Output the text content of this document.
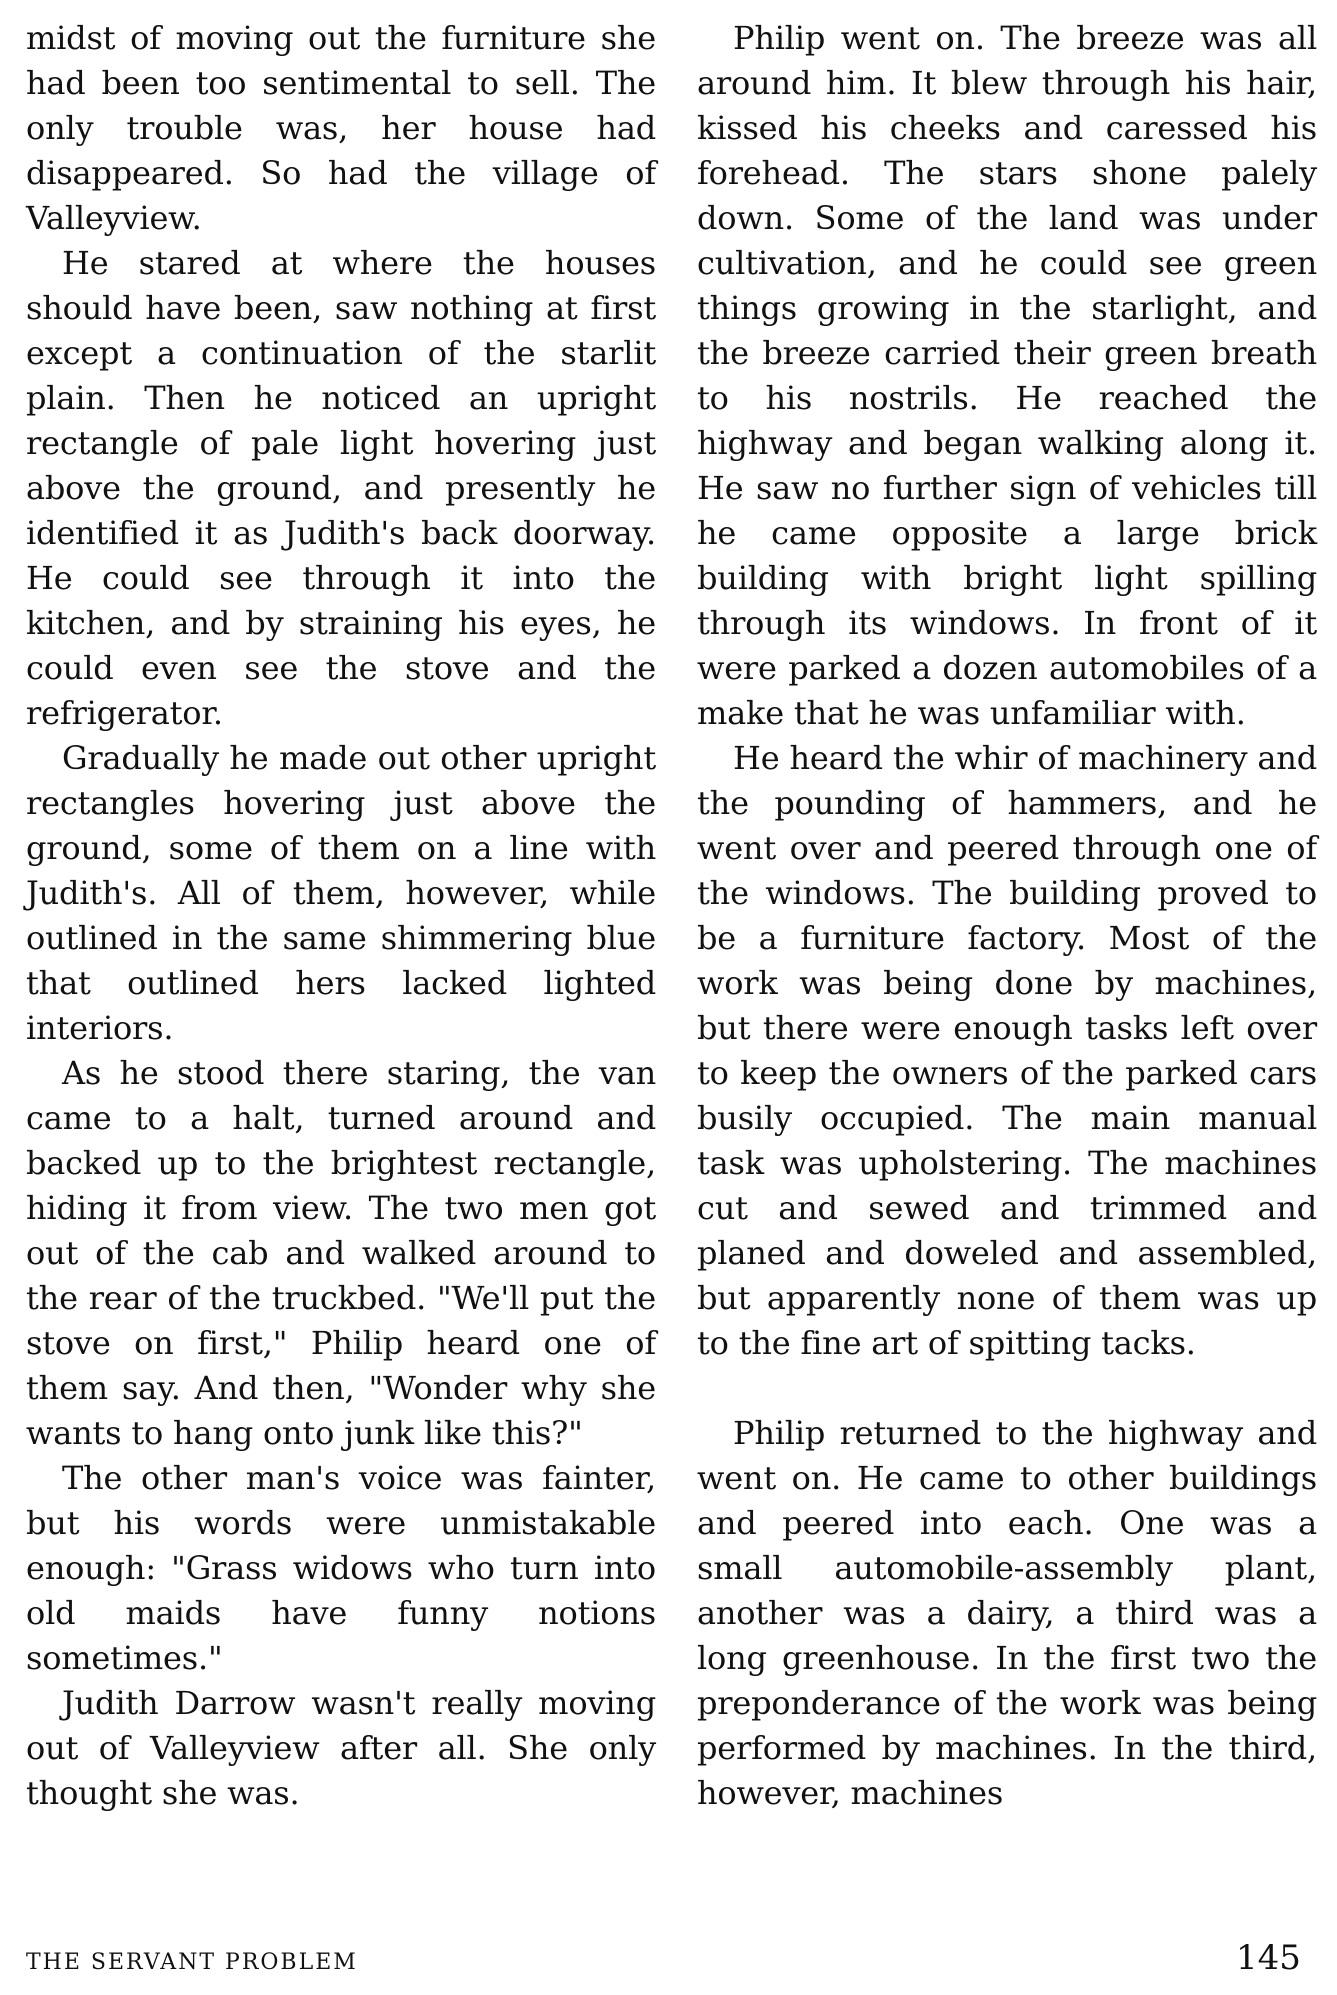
midst of moving out the furniture she had been too sentimental to sell. The only trouble was, her house had disappeared. So had the village of Valleyview.

He stared at where the houses should have been, saw nothing at first except a continuation of the starlit plain. Then he noticed an upright rectangle of pale light hovering just above the ground, and presently he identified it as Judith's back doorway. He could see through it into the kitchen, and by straining his eyes, he could even see the stove and the refrigerator.

Gradually he made out other upright rectangles hovering just above the ground, some of them on a line with Judith's. All of them, however, while outlined in the same shimmering blue that outlined hers lacked lighted interiors.

As he stood there staring, the van came to a halt, turned around and backed up to the brightest rectangle, hiding it from view. The two men got out of the cab and walked around to the rear of the truckbed. "We'll put the stove on first," Philip heard one of them say. And then, "Wonder why she wants to hang onto junk like this?"

The other man's voice was fainter, but his words were unmistakable enough: "Grass widows who turn into old maids have funny notions sometimes."

Judith Darrow wasn't really moving out of Valleyview after all. She only thought she was.

Philip went on. The breeze was all around him. It blew through his hair, kissed his cheeks and caressed his forehead. The stars shone palely down. Some of the land was under cultivation, and he could see green things growing in the starlight, and the breeze carried their green breath to his nostrils. He reached the highway and began walking along it. He saw no further sign of vehicles till he came opposite a large brick building with bright light spilling through its windows. In front of it were parked a dozen automobiles of a make that he was unfamiliar with.

He heard the whir of machinery and the pounding of hammers, and he went over and peered through one of the windows. The building proved to be a furniture factory. Most of the work was being done by machines, but there were enough tasks left over to keep the owners of the parked cars busily occupied. The main manual task was upholstering. The machines cut and sewed and trimmed and planed and doweled and assembled, but apparently none of them was up to the fine art of spitting tacks.

Philip returned to the highway and went on. He came to other buildings and peered into each. One was a small automobile-assembly plant, another was a dairy, a third was a long greenhouse. In the first two the preponderance of the work was being performed by machines. In the third, however, machines

THE SERVANT PROBLEM	145
